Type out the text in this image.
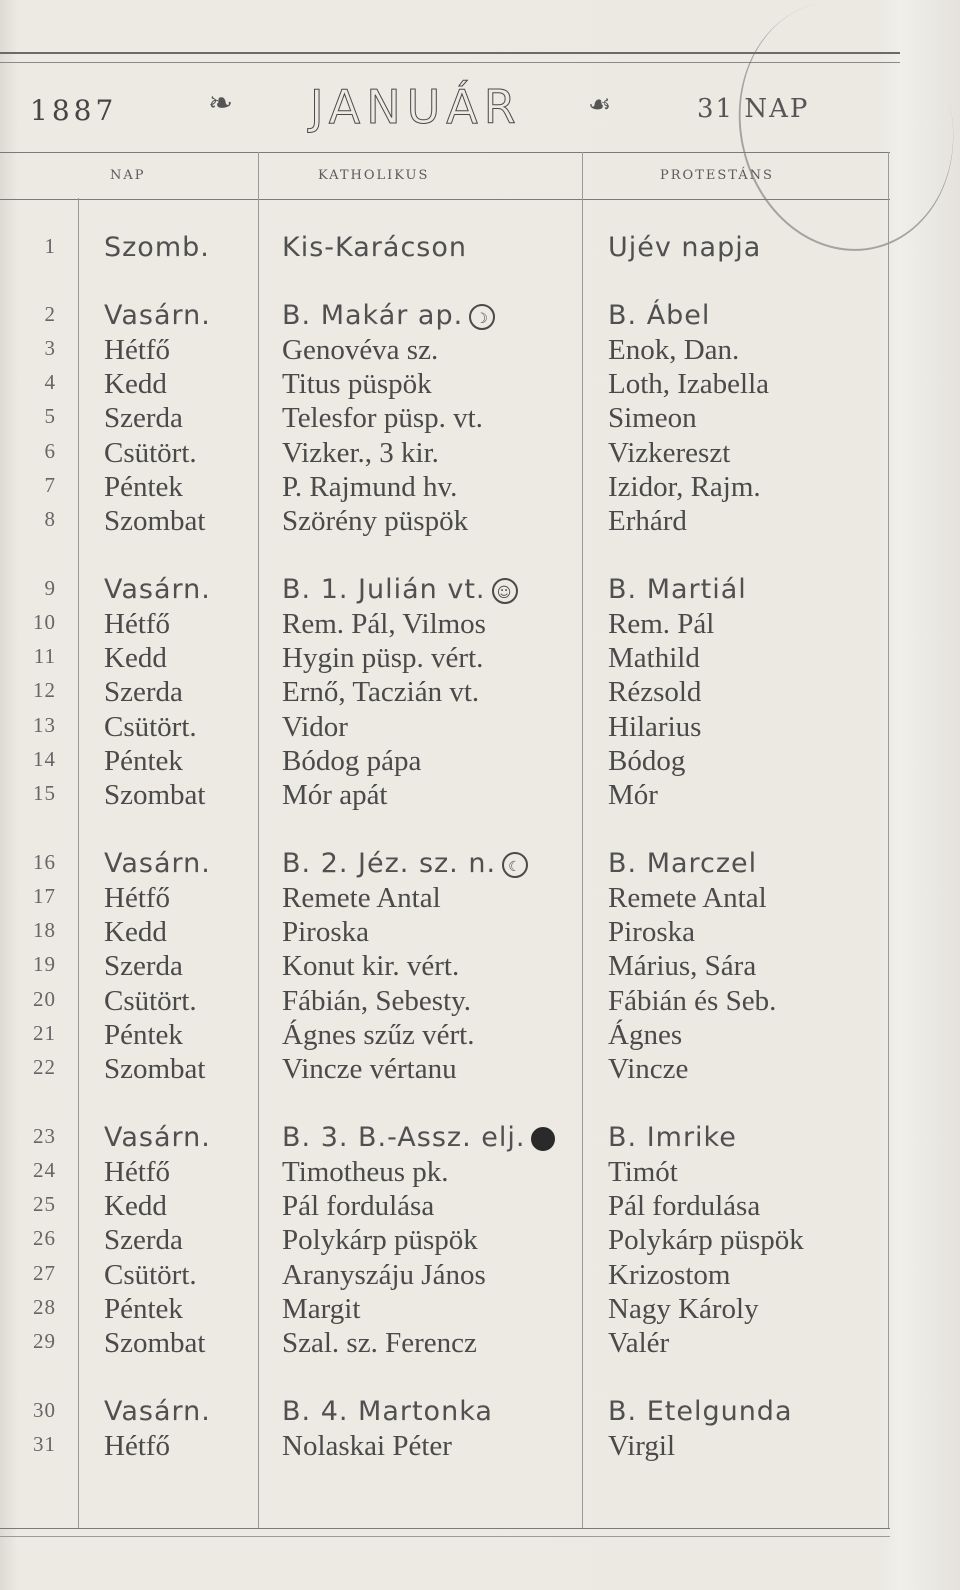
1887	❧ JANUÁR	☙	31 NAP
NAP	KATHOLIKUS	PROTESTÁNS
1 Szomb.	Kis-Karácson	Ujév napja
2 Vasárn.	B. Makár ap. ☽	B. Ábel
3 Hétfő	Genovéva sz.	Enok, Dan.
4 Kedd	Titus püspök	Loth, Izabella
5 Szerda	Telesfor püsp. vt.	Simeon
6 Csütört.	Vizker., 3 kir.	Vizkereszt
7 Péntek	P. Rajmund hv.	Izidor, Rajm.
8 Szombat	Szörény püspök	Erhárd
9 Vasárn.	B. 1. Julián vt. ☺	B. Martiál
10 Hétfő	Rem. Pál, Vilmos	Rem. Pál
11 Kedd	Hygin püsp. vért.	Mathild
12 Szerda	Ernő, Taczián vt.	Rézsold
13 Csütört.	Vidor	Hilarius
14 Péntek	Bódog pápa	Bódog
15 Szombat	Mór apát	Mór
16 Vasárn.	B. 2. Jéz. sz. n. ☾	B. Marczel
17 Hétfő	Remete Antal	Remete Antal
18 Kedd	Piroska	Piroska
19 Szerda	Konut kir. vért.	Márius, Sára
20 Csütört.	Fábián, Sebesty.	Fábián és Seb.
21 Péntek	Ágnes szűz vért.	Ágnes
22 Szombat	Vincze vértanu	Vincze
23 Vasárn.	B. 3. B.-Assz. elj.	B. Imrike
24 Hétfő	Timotheus pk.	Timót
25 Kedd	Pál fordulása	Pál fordulása
26 Szerda	Polykárp püspök	Polykárp püspök
27 Csütört.	Aranyszáju János	Krizostom
28 Péntek	Margit	Nagy Károly
29 Szombat	Szal. sz. Ferencz	Valér
30 Vasárn.	B. 4. Martonka	B. Etelgunda
31 Hétfő	Nolaskai Péter	Virgil
